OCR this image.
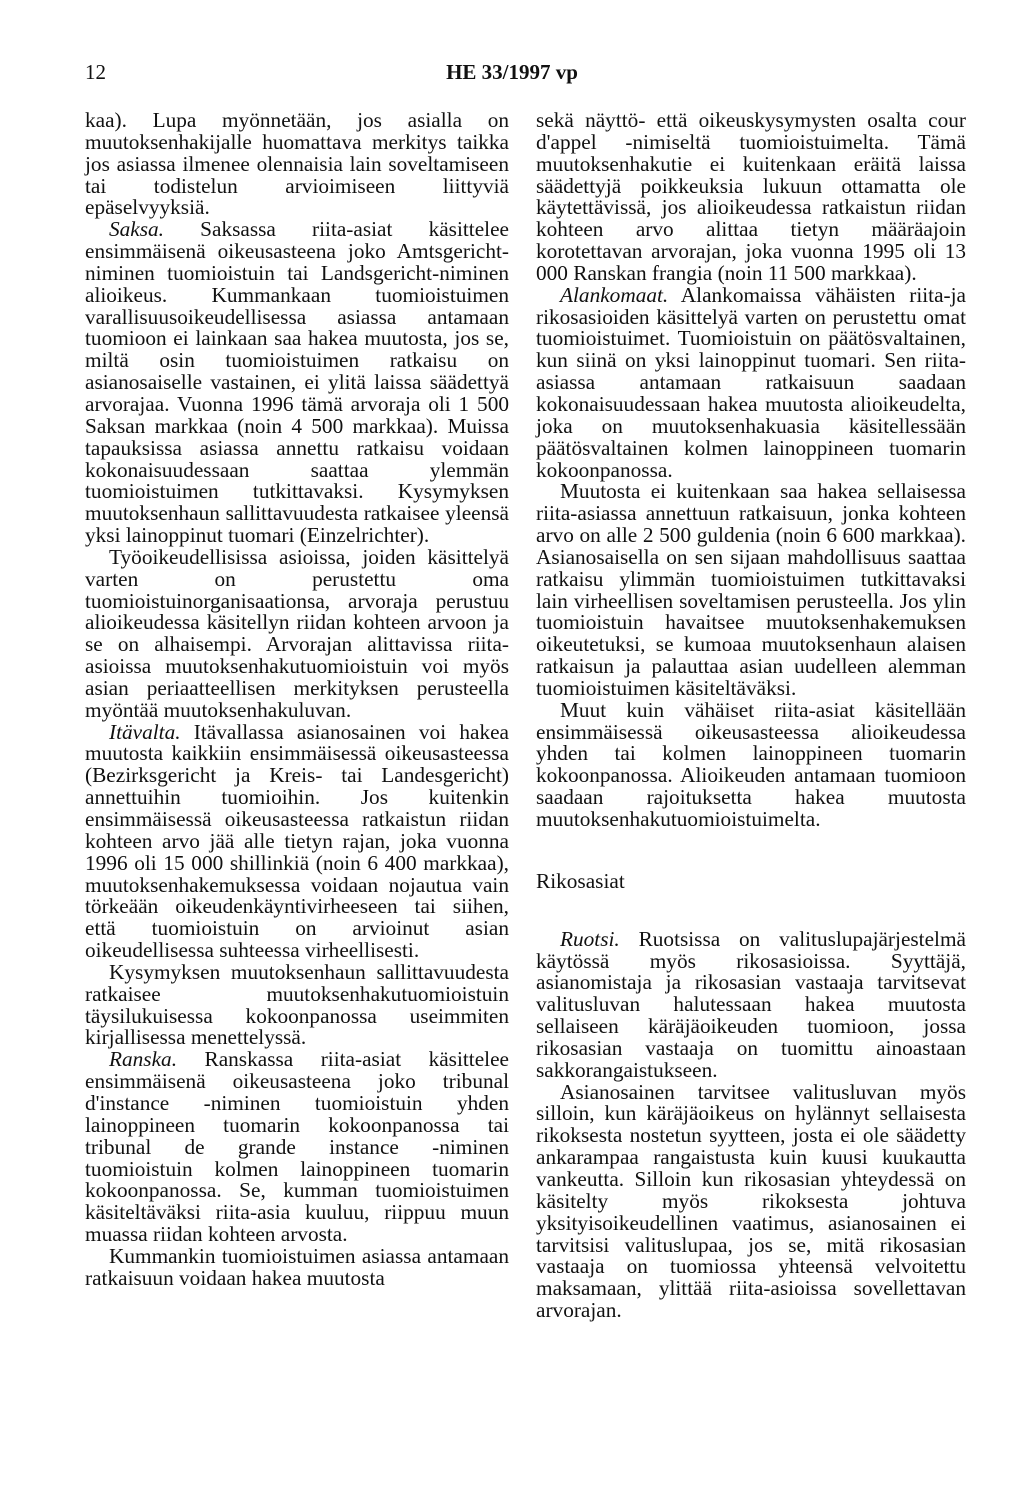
12	HE 33/1997 vp

kaa). Lupa myönnetään, jos asialla on muutoksenhakijalle huomattava merkitys taikka jos asiassa ilmenee olennaisia lain soveltamiseen tai todistelun arvioimiseen liittyviä epäselvyyksiä.

Saksa. Saksassa riita-asiat käsittelee ensimmäisenä oikeusasteena joko Amtsgericht-niminen tuomioistuin tai Landsgericht-niminen alioikeus. Kummankaan tuomioistuimen varallisuusoikeudellisessa asiassa antamaan tuomioon ei lainkaan saa hakea muutosta, jos se, miltä osin tuomioistuimen ratkaisu on asianosaiselle vastainen, ei ylitä laissa säädettyä arvorajaa. Vuonna 1996 tämä arvoraja oli 1 500 Saksan markkaa (noin 4 500 markkaa). Muissa tapauksissa asiassa annettu ratkaisu voidaan kokonaisuudessaan saattaa ylemmän tuomioistuimen tutkittavaksi. Kysymyksen muutoksenhaun sallittavuudesta ratkaisee yleensä yksi lainoppinut tuomari (Einzelrichter).

Työoikeudellisissa asioissa, joiden käsittelyä varten on perustettu oma tuomioistuinorganisaationsa, arvoraja perustuu alioikeudessa käsitellyn riidan kohteen arvoon ja se on alhaisempi. Arvorajan alittavissa riita-asioissa muutoksenhakutuomioistuin voi myös asian periaatteellisen merkityksen perusteella myöntää muutoksenhakuluvan.

Itävalta. Itävallassa asianosainen voi hakea muutosta kaikkiin ensimmäisessä oikeusasteessa (Bezirksgericht ja Kreis- tai Landesgericht) annettuihin tuomioihin. Jos kuitenkin ensimmäisessä oikeusasteessa ratkaistun riidan kohteen arvo jää alle tietyn rajan, joka vuonna 1996 oli 15 000 shillinkiä (noin 6 400 markkaa), muutoksenhakemuksessa voidaan nojautua vain törkeään oikeudenkäyntivirheeseen tai siihen, että tuomioistuin on arvioinut asian oikeudellisessa suhteessa virheellisesti.

Kysymyksen muutoksenhaun sallittavuudesta ratkaisee muutoksenhakutuomioistuin täysilukuisessa kokoonpanossa useimmiten kirjallisessa menettelyssä.

Ranska. Ranskassa riita-asiat käsittelee ensimmäisenä oikeusasteena joko tribunal d'instance -niminen tuomioistuin yhden lainoppineen tuomarin kokoonpanossa tai tribunal de grande instance -niminen tuomioistuin kolmen lainoppineen tuomarin kokoonpanossa. Se, kumman tuomioistuimen käsiteltäväksi riita-asia kuuluu, riippuu muun muassa riidan kohteen arvosta.

Kummankin tuomioistuimen asiassa antamaan ratkaisuun voidaan hakea muutosta

sekä näyttö- että oikeuskysymysten osalta cour d'appel -nimiseltä tuomioistuimelta. Tämä muutoksenhakutie ei kuitenkaan eräitä laissa säädettyjä poikkeuksia lukuun ottamatta ole käytettävissä, jos alioikeudessa ratkaistun riidan kohteen arvo alittaa tietyn määräajoin korotettavan arvorajan, joka vuonna 1995 oli 13 000 Ranskan frangia (noin 11 500 markkaa).

Alankomaat. Alankomaissa vähäisten riita-ja rikosasioiden käsittelyä varten on perustettu omat tuomioistuimet. Tuomioistuin on päätösvaltainen, kun siinä on yksi lainoppinut tuomari. Sen riita-asiassa antamaan ratkaisuun saadaan kokonaisuudessaan hakea muutosta alioikeudelta, joka on muutoksenhakuasia käsitellessään päätösvaltainen kolmen lainoppineen tuomarin kokoonpanossa.

Muutosta ei kuitenkaan saa hakea sellaisessa riita-asiassa annettuun ratkaisuun, jonka kohteen arvo on alle 2 500 guldenia (noin 6 600 markkaa). Asianosaisella on sen sijaan mahdollisuus saattaa ratkaisu ylimmän tuomioistuimen tutkittavaksi lain virheellisen soveltamisen perusteella. Jos ylin tuomioistuin havaitsee muutoksenhakemuksen oikeutetuksi, se kumoaa muutoksenhaun alaisen ratkaisun ja palauttaa asian uudelleen alemman tuomioistuimen käsiteltäväksi.

Muut kuin vähäiset riita-asiat käsitellään ensimmäisessä oikeusasteessa alioikeudessa yhden tai kolmen lainoppineen tuomarin kokoonpanossa. Alioikeuden antamaan tuomioon saadaan rajoituksetta hakea muutosta muutoksenhakutuomioistuimelta.

Rikosasiat

Ruotsi. Ruotsissa on valituslupajärjestelmä käytössä myös rikosasioissa. Syyttäjä, asianomistaja ja rikosasian vastaaja tarvitsevat valitusluvan halutessaan hakea muutosta sellaiseen käräjäoikeuden tuomioon, jossa rikosasian vastaaja on tuomittu ainoastaan sakkorangaistukseen.

Asianosainen tarvitsee valitusluvan myös silloin, kun käräjäoikeus on hylännyt sellaisesta rikoksesta nostetun syytteen, josta ei ole säädetty ankarampaa rangaistusta kuin kuusi kuukautta vankeutta. Silloin kun rikosasian yhteydessä on käsitelty myös rikoksesta johtuva yksityisoikeudellinen vaatimus, asianosainen ei tarvitsisi valituslupaa, jos se, mitä rikosasian vastaaja on tuomiossa yhteensä velvoitettu maksamaan, ylittää riita-asioissa sovellettavan arvorajan.
